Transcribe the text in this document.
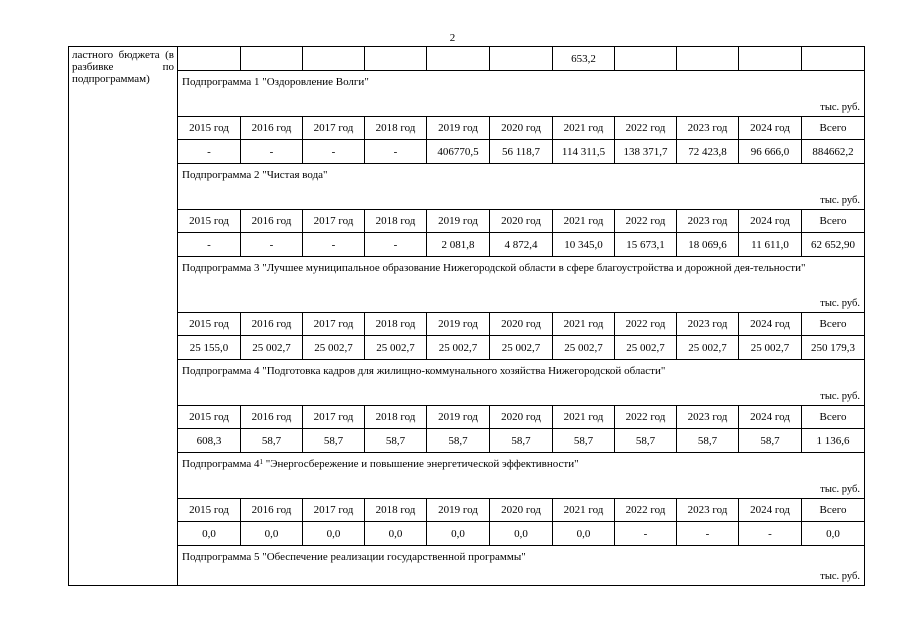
2
ластного бюджета (в разбивке по подпрограммам)							653,2				

	Подпрограмма 1 "Оздоровление Волги"
тыс. руб.										

	2015 год	2016 год	2017 год	2018 год	2019 год	2020 год	2021 год	2022 год	2023 год	2024 год	Всего
	-	-	-	-	406770,5	56 118,7	114 311,5	138 371,7	72 423,8	96 666,0	884662,2

	Подпрограмма 2 "Чистая вода"
тыс. руб.										

	2015 год	2016 год	2017 год	2018 год	2019 год	2020 год	2021 год	2022 год	2023 год	2024 год	Всего
	-	-	-	-	2 081,8	4 872,4	10 345,0	15 673,1	18 069,6	11 611,0	62 652,90

	Подпрограмма 3 "Лучшее муниципальное образование Нижегородской области в сфере благоустройства и дорожной дея-тельности"
тыс. руб.										

	2015 год	2016 год	2017 год	2018 год	2019 год	2020 год	2021 год	2022 год	2023 год	2024 год	Всего
	25 155,0	25 002,7	25 002,7	25 002,7	25 002,7	25 002,7	25 002,7	25 002,7	25 002,7	25 002,7	250 179,3

	Подпрограмма 4 "Подготовка кадров для жилищно-коммунального хозяйства Нижегородской области"
тыс. руб.										

	2015 год	2016 год	2017 год	2018 год	2019 год	2020 год	2021 год	2022 год	2023 год	2024 год	Всего
	608,3	58,7	58,7	58,7	58,7	58,7	58,7	58,7	58,7	58,7	1 136,6

	Подпрограмма $4^1$ "Энергосбережение и повышение энергетической эффективности"
тыс. руб.										

	2015 год	2016 год	2017 год	2018 год	2019 год	2020 год	2021 год	2022 год	2023 год	2024 год	Всего
	0,0	0,0	0,0	0,0	0,0	0,0	0,0	-	-	-	0,0

	Подпрограмма 5 "Обеспечение реализации государственной программы"
тыс. руб.										
